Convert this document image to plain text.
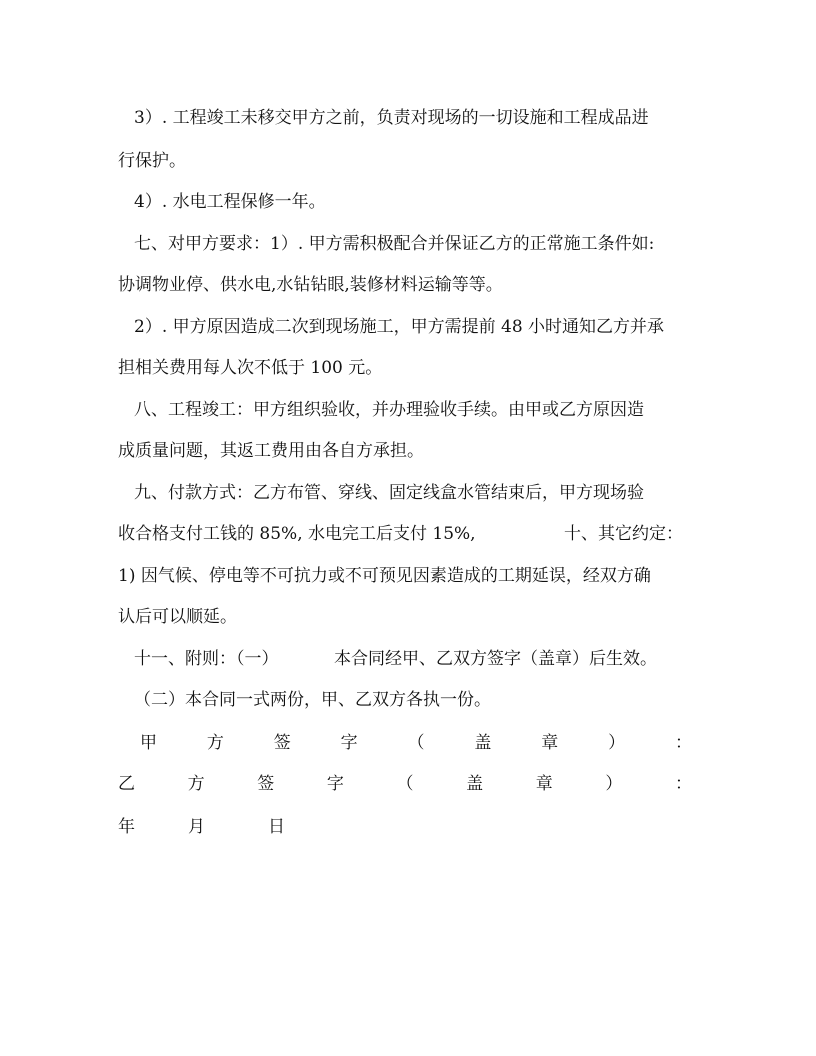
3）. 工程竣工未移交甲方之前，负责对现场的一切设施和工程成品进
行保护。
4）. 水电工程保修一年。
七、对甲方要求：1）. 甲方需积极配合并保证乙方的正常施工条件如:
协调物业停、供水电,水钻钻眼,装修材料运输等等。
2）. 甲方原因造成二次到现场施工，甲方需提前 48 小时通知乙方并承
担相关费用每人次不低于 100 元。
八、工程竣工：甲方组织验收，并办理验收手续。由甲或乙方原因造
成质量问题，其返工费用由各自方承担。
九、付款方式：乙方布管、穿线、固定线盒水管结束后，甲方现场验
收合格支付工钱的 85%, 水电完工后支付 15%,	十、其它约定：
1) 因气候、停电等不可抗力或不可预见因素造成的工期延误，经双方确
认后可以顺延。
十一、附则：（一）	本合同经甲、乙双方签字（盖章）后生效。
（二）本合同一式两份，甲、乙双方各执一份。
甲	方	签	字	（	盖	章	）	：
乙	方	签	字	（	盖	章	）	：
年	月	日
